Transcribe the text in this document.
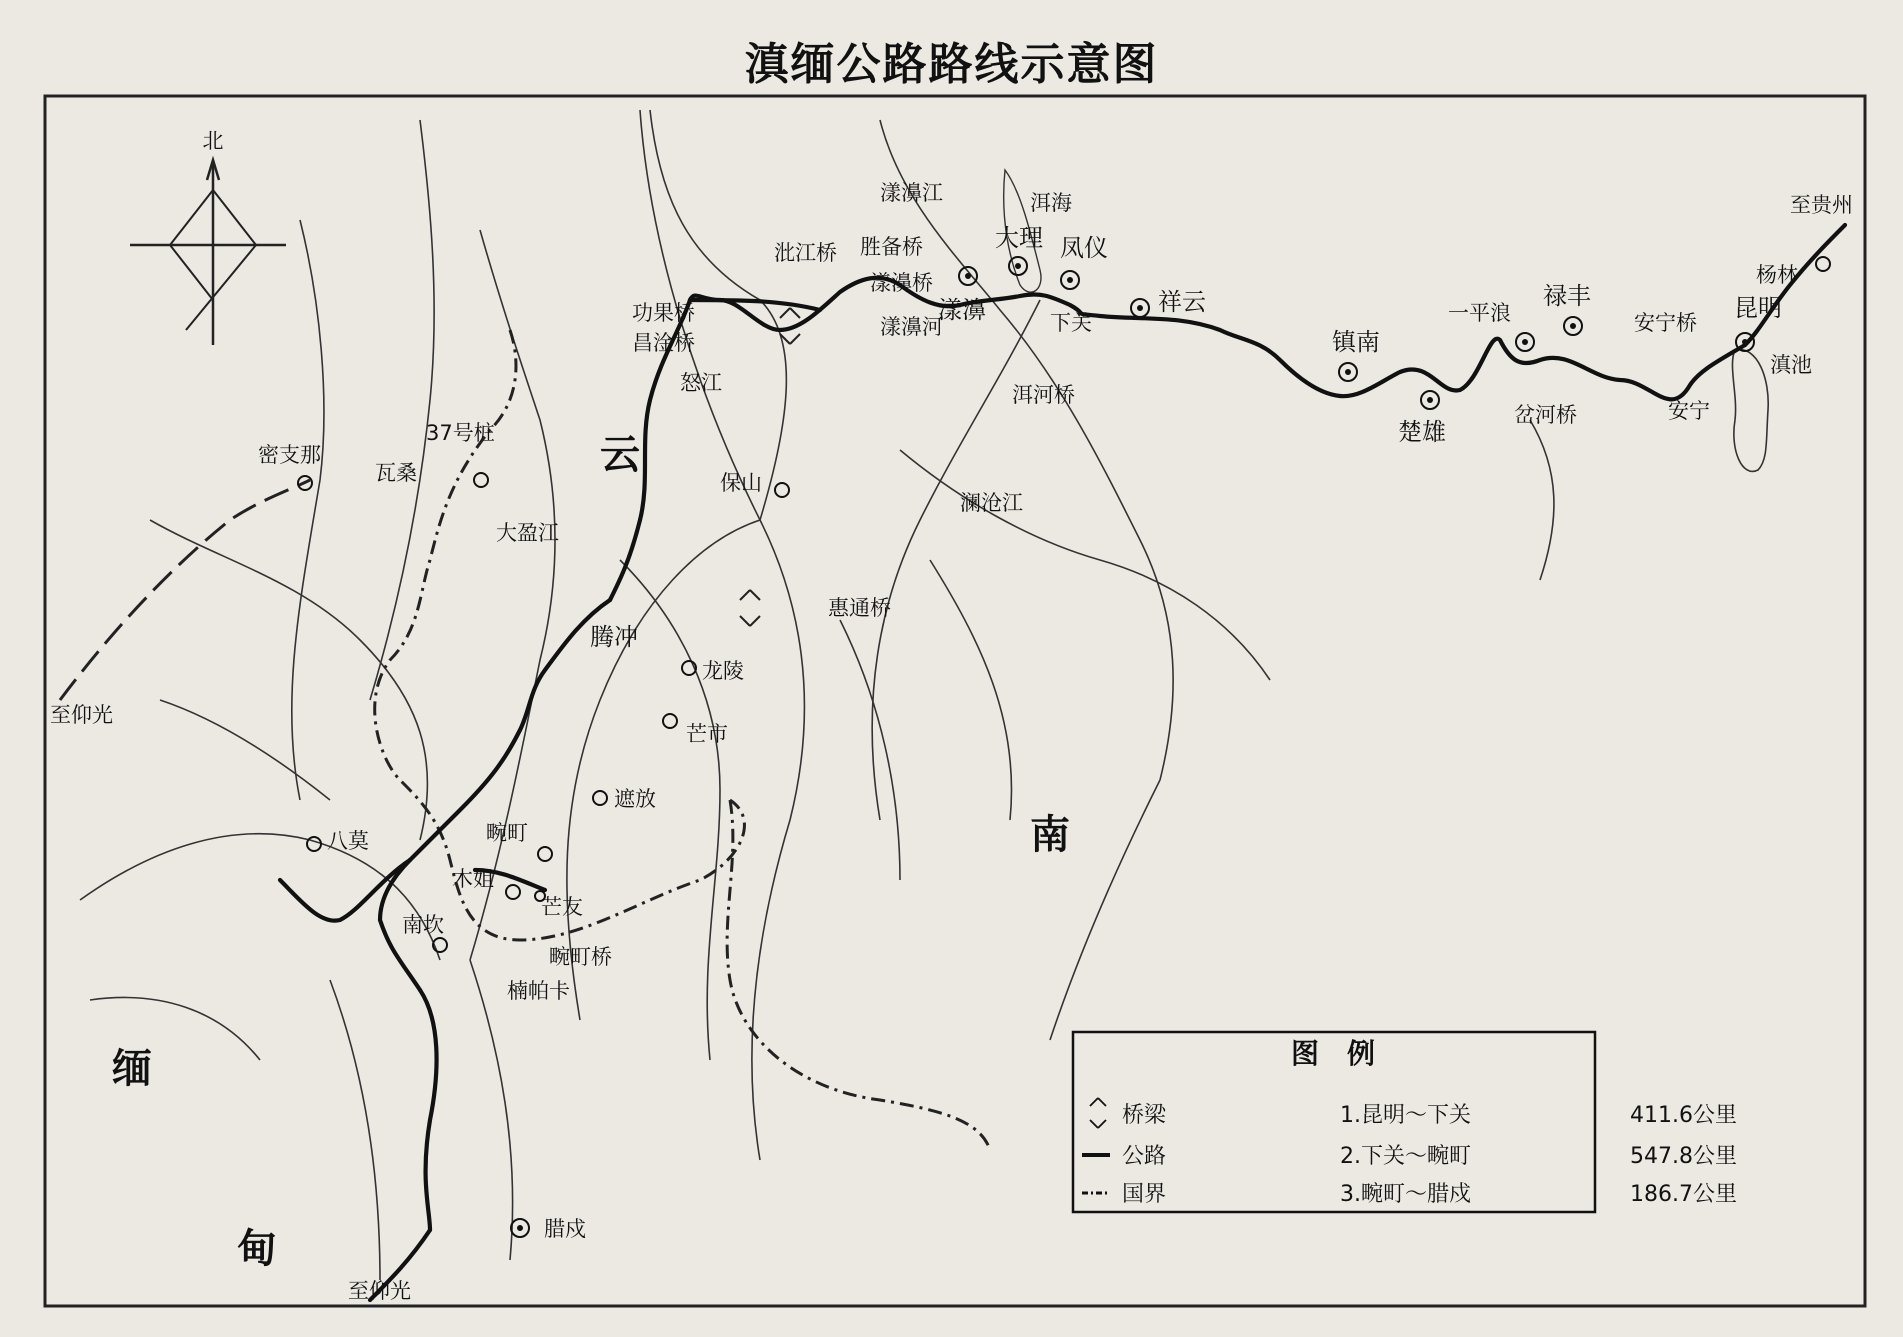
滇缅公路路线示意图
北
云
南
缅
甸
至贵州
杨林
昆明
安宁桥
安宁
禄丰
一平浪
岔河桥
镇南
楚雄
祥云
凤仪
下关
洱河桥
大理
漾濞
漾濞桥
胜备桥
沘江桥
功果桥
昌淦桥
保山
惠通桥
腾冲
龙陵
芒市
遮放
畹町
畹町桥
木姐
芒友
南坎
楠帕卡
腊戍
至仰光
至仰光
八莫
密支那
瓦桑
37号桩
洱海
漾濞江
漾濞河
澜沧江
怒江
滇池
大盈江
图　例
桥梁
公路
国界
1.昆明～下关	411.6公里
2.下关～畹町	547.8公里
3.畹町～腊戍	186.7公里
